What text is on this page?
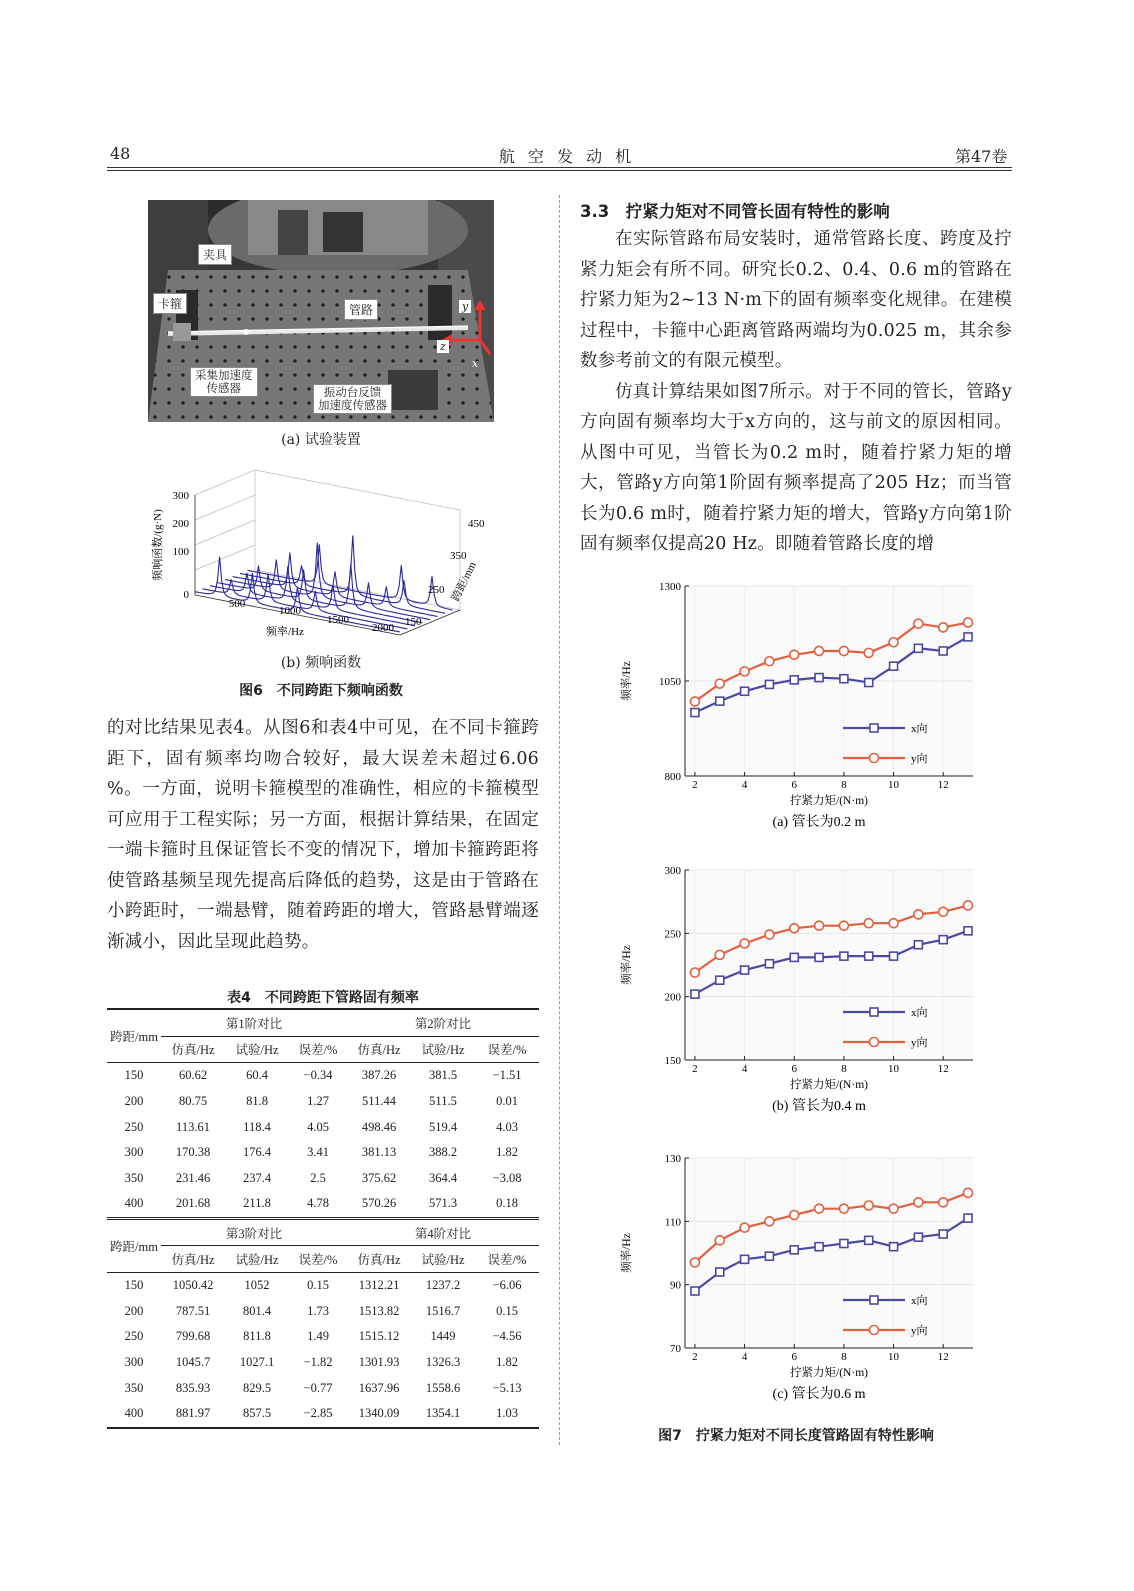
48	航 空 发 动 机	第47卷
夹具
卡箍	管路
采集加速度
传感器	振动台反馈
加速度传感器
y
z
x
(a) 试验装置
300
200
100
0
500
1000
1500
2000
450
350
250
150
频率/Hz
频响函数/(g·N)
跨距/mm
(b) 频响函数
图6　不同跨距下频响函数

的对比结果见表4。从图6和表4中可见，在不同卡箍跨距下，固有频率均吻合较好，最大误差未超过6.06 %。一方面，说明卡箍模型的准确性，相应的卡箍模型可应用于工程实际；另一方面，根据计算结果，在固定一端卡箍时且保证管长不变的情况下，增加卡箍跨距将使管路基频呈现先提高后降低的趋势，这是由于管路在小跨距时，一端悬臂，随着跨距的增大，管路悬臂端逐渐减小，因此呈现此趋势。

表4　不同跨距下管路固有频率
跨距/mm	第1阶对比			第2阶对比		
	仿真/Hz	试验/Hz	误差/%	仿真/Hz	试验/Hz	误差/%
150	60.62	60.4	−0.34	387.26	381.5	−1.51
200	80.75	81.8	1.27	511.44	511.5	0.01
250	113.61	118.4	4.05	498.46	519.4	4.03
300	170.38	176.4	3.41	381.13	388.2	1.82
350	231.46	237.4	2.5	375.62	364.4	−3.08
400	201.68	211.8	4.78	570.26	571.3	0.18
跨距/mm	第3阶对比			第4阶对比		
	仿真/Hz	试验/Hz	误差/%	仿真/Hz	试验/Hz	误差/%
150	1050.42	1052	0.15	1312.21	1237.2	−6.06
200	787.51	801.4	1.73	1513.82	1516.7	0.15
250	799.68	811.8	1.49	1515.12	1449	−4.56
300	1045.7	1027.1	−1.82	1301.93	1326.3	1.82
350	835.93	829.5	−0.77	1637.96	1558.6	−5.13
400	881.97	857.5	−2.85	1340.09	1354.1	1.03
3.3　拧紧力矩对不同管长固有特性的影响

在实际管路布局安装时，通常管路长度、跨度及拧紧力矩会有所不同。研究长0.2、0.4、0.6 m的管路在拧紧力矩为2~13 N·m下的固有频率变化规律。在建模过程中，卡箍中心距离管路两端均为0.025 m，其余参数参考前文的有限元模型。

仿真计算结果如图7所示。对于不同的管长，管路y方向固有频率均大于x方向的，这与前文的原因相同。从图中可见，当管长为0.2 m时，随着拧紧力矩的增大，管路y方向第1阶固有频率提高了205 Hz；而当管长为0.6 m时，随着拧紧力矩的增大，管路y方向第1阶固有频率仅提高20 Hz。即随着管路长度的增

800
1050
1300
2	4	6	8	10	12
拧紧力矩/(N·m)
频率/Hz
x向
y向
(a) 管长为0.2 m
150
200
250
300
2	4	6	8	10	12
拧紧力矩/(N·m)
频率/Hz
x向
y向
(b) 管长为0.4 m
70
90
110
130
2	4	6	8	10	12
拧紧力矩/(N·m)
频率/Hz
x向
y向
(c) 管长为0.6 m
图7　拧紧力矩对不同长度管路固有特性影响
